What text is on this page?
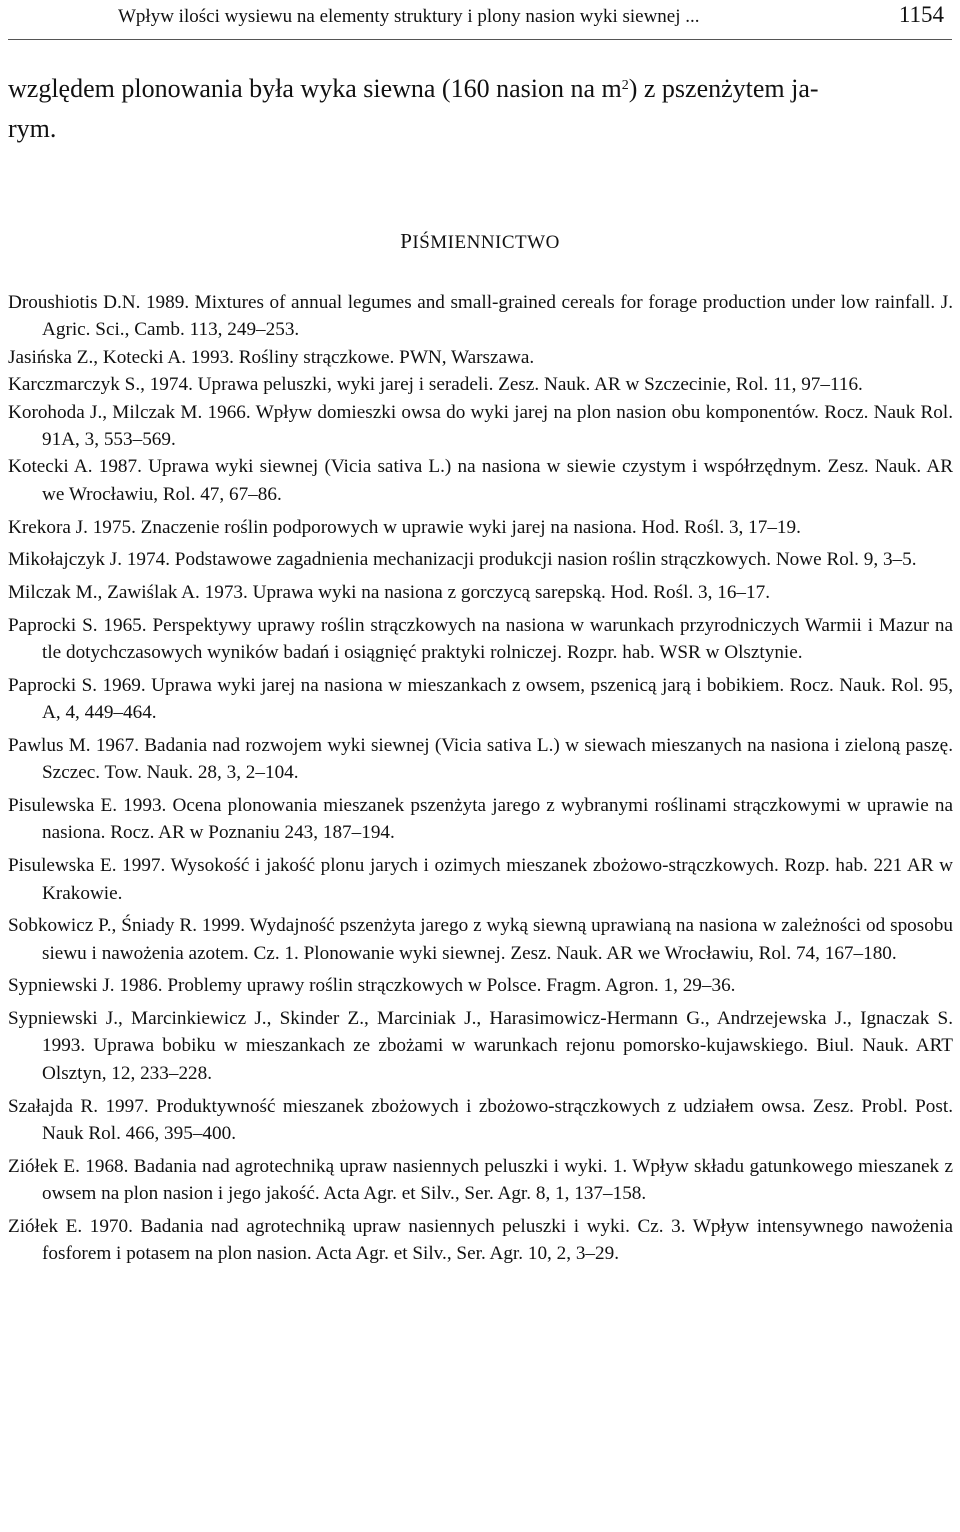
Wpływ ilości wysiewu na elementy struktury i plony nasion wyki siewnej ...	1154
względem plonowania była wyka siewna (160 nasion na $m^2$) z pszenżytem ja-
rym.
PIŚMIENNICTWO

Droushiotis D.N. 1989. Mixtures of annual legumes and small-grained cereals for forage production under low rainfall. J. Agric. Sci., Camb. 113, 249–253.

Jasińska Z., Kotecki A. 1993. Rośliny strączkowe. PWN, Warszawa.

Karczmarczyk S., 1974. Uprawa peluszki, wyki jarej i seradeli. Zesz. Nauk. AR w Szczecinie, Rol. 11, 97–116.

Korohoda J., Milczak M. 1966. Wpływ domieszki owsa do wyki jarej na plon nasion obu komponentów. Rocz. Nauk Rol. 91A, 3, 553–569.

Kotecki A. 1987. Uprawa wyki siewnej (Vicia sativa L.) na nasiona w siewie czystym i współrzędnym. Zesz. Nauk. AR we Wrocławiu, Rol. 47, 67–86.

Krekora J. 1975. Znaczenie roślin podporowych w uprawie wyki jarej na nasiona. Hod. Rośl. 3, 17–19.

Mikołajczyk J. 1974. Podstawowe zagadnienia mechanizacji produkcji nasion roślin strączkowych. Nowe Rol. 9, 3–5.

Milczak M., Zawiślak A. 1973. Uprawa wyki na nasiona z gorczycą sarepską. Hod. Rośl. 3, 16–17.

Paprocki S. 1965. Perspektywy uprawy roślin strączkowych na nasiona w warunkach przyrodniczych Warmii i Mazur na tle dotychczasowych wyników badań i osiągnięć praktyki rolniczej. Rozpr. hab. WSR w Olsztynie.

Paprocki S. 1969. Uprawa wyki jarej na nasiona w mieszankach z owsem, pszenicą jarą i bobikiem. Rocz. Nauk. Rol. 95, A, 4, 449–464.

Pawlus M. 1967. Badania nad rozwojem wyki siewnej (Vicia sativa L.) w siewach mieszanych na nasiona i zieloną paszę. Szczec. Tow. Nauk. 28, 3, 2–104.

Pisulewska E. 1993. Ocena plonowania mieszanek pszenżyta jarego z wybranymi roślinami strączkowymi w uprawie na nasiona. Rocz. AR w Poznaniu 243, 187–194.

Pisulewska E. 1997. Wysokość i jakość plonu jarych i ozimych mieszanek zbożowo-strączkowych. Rozp. hab. 221 AR w Krakowie.

Sobkowicz P., Śniady R. 1999. Wydajność pszenżyta jarego z wyką siewną uprawianą na nasiona w zależności od sposobu siewu i nawożenia azotem. Cz. 1. Plonowanie wyki siewnej. Zesz. Nauk. AR we Wrocławiu, Rol. 74, 167–180.

Sypniewski J. 1986. Problemy uprawy roślin strączkowych w Polsce. Fragm. Agron. 1, 29–36.

Sypniewski J., Marcinkiewicz J., Skinder Z., Marciniak J., Harasimowicz-Hermann G., Andrzejewska J., Ignaczak S. 1993. Uprawa bobiku w mieszankach ze zbożami w warunkach rejonu pomorsko-kujawskiego. Biul. Nauk. ART Olsztyn, 12, 233–228.

Szałajda R. 1997. Produktywność mieszanek zbożowych i zbożowo-strączkowych z udziałem owsa. Zesz. Probl. Post. Nauk Rol. 466, 395–400.

Ziółek E. 1968. Badania nad agrotechniką upraw nasiennych peluszki i wyki. 1. Wpływ składu gatunkowego mieszanek z owsem na plon nasion i jego jakość. Acta Agr. et Silv., Ser. Agr. 8, 1, 137–158.

Ziółek E. 1970. Badania nad agrotechniką upraw nasiennych peluszki i wyki. Cz. 3. Wpływ intensywnego nawożenia fosforem i potasem na plon nasion. Acta Agr. et Silv., Ser. Agr. 10, 2, 3–29.
